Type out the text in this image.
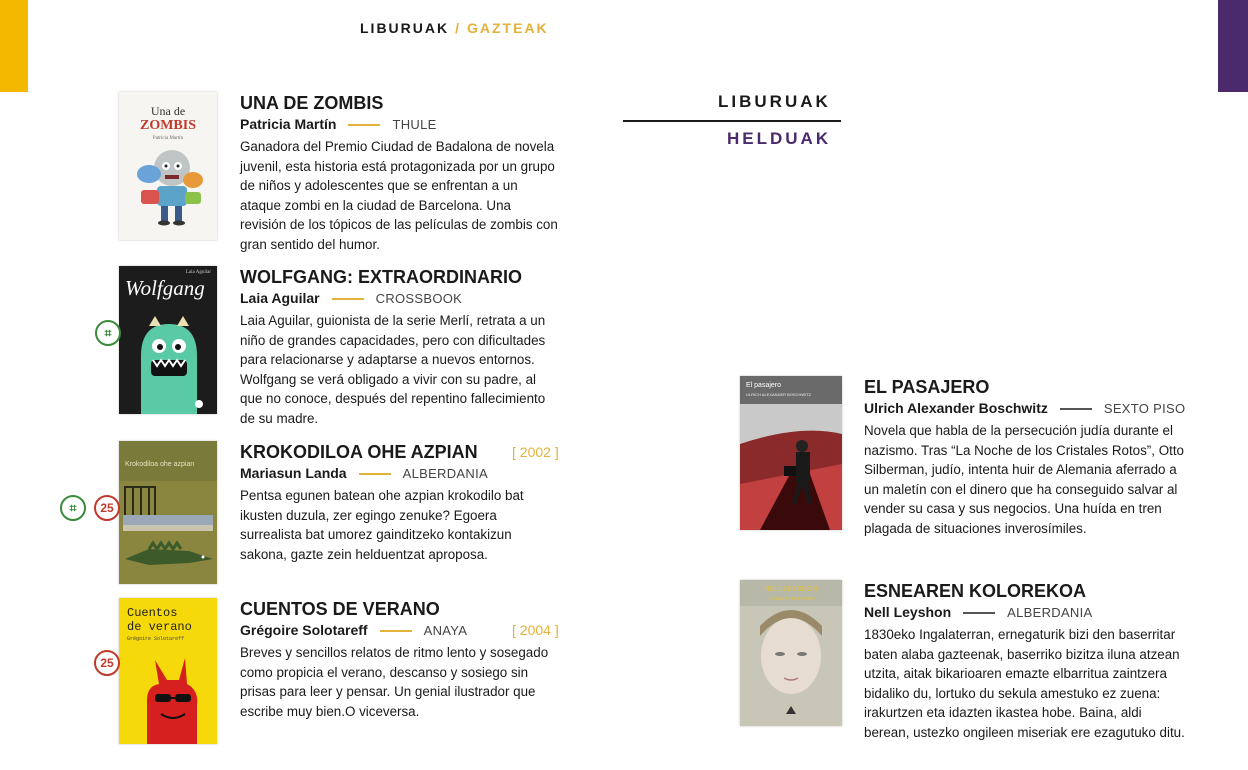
LIBURUAK / GAZTEAK
LIBURUAK
HELDUAK
Una de
ZOMBIS
Patricia Martín
UNA DE ZOMBIS
Patricia Martín	THULE
Ganadora del Premio Ciudad de Badalona de novela juvenil, esta historia está protagonizada por un grupo de niños y adolescentes que se enfrentan a un ataque zombi en la ciudad de Barcelona. Una revisión de los tópicos de las películas de zombis con gran sentido del humor.
Wolfgang
Laia Aguilar
⌗
WOLFGANG: EXTRAORDINARIO
Laia Aguilar	CROSSBOOK
Laia Aguilar, guionista de la serie Merlí, retrata a un niño de grandes capacidades, pero con dificultades para relacionarse y adaptarse a nuevos entornos. Wolfgang se verá obligado a vivir con su padre, al que no conoce, después del repentino fallecimiento de su madre.
Krokodiloa ohe azpian
⌗	25
KROKODILOA OHE AZPIAN
Mariasun Landa	ALBERDANIA
Pentsa egunen batean ohe azpian krokodilo bat ikusten duzula, zer egingo zenuke? Egoera surrealista bat umorez gainditzeko kontakizun sakona, gazte zein helduentzat aproposa.
[ 2002 ]
Cuentos
de verano
Grégoire Solotareff
25
CUENTOS DE VERANO
Grégoire Solotareff	ANAYA
Breves y sencillos relatos de ritmo lento y sosegado como propicia el verano, descanso y sosiego sin prisas para leer y pensar. Un genial ilustrador que escribe muy bien.O viceversa.
[ 2004 ]
El pasajero
ULRICH ALEXANDER BOSCHWITZ	EL PASAJERO
Ulrich Alexander Boschwitz	SEXTO PISO
Novela que habla de la persecución judía durante el nazismo. Tras “La Noche de los Cristales Rotos”, Otto Silberman, judío, intenta huir de Alemania aferrado a un maletín con el dinero que ha conseguido salvar al vender su casa y sus negocios. Una huída en tren plagada de situaciones inverosímiles.
NELL LEYSHON
Esnearen kolorekoa	ESNEAREN KOLOREKOA
Nell Leyshon	ALBERDANIA
1830eko Ingalaterran, ernegaturik bizi den baserritar baten alaba gazteenak, baserriko bizitza iluna atzean utzita, aitak bikarioaren emazte elbarritua zaintzera bidaliko du, lortuko du sekula amestuko ez zuena: irakurtzen eta idazten ikastea hobe. Baina, aldi berean, ustezko ongileen miseriak ere ezagutuko ditu.
